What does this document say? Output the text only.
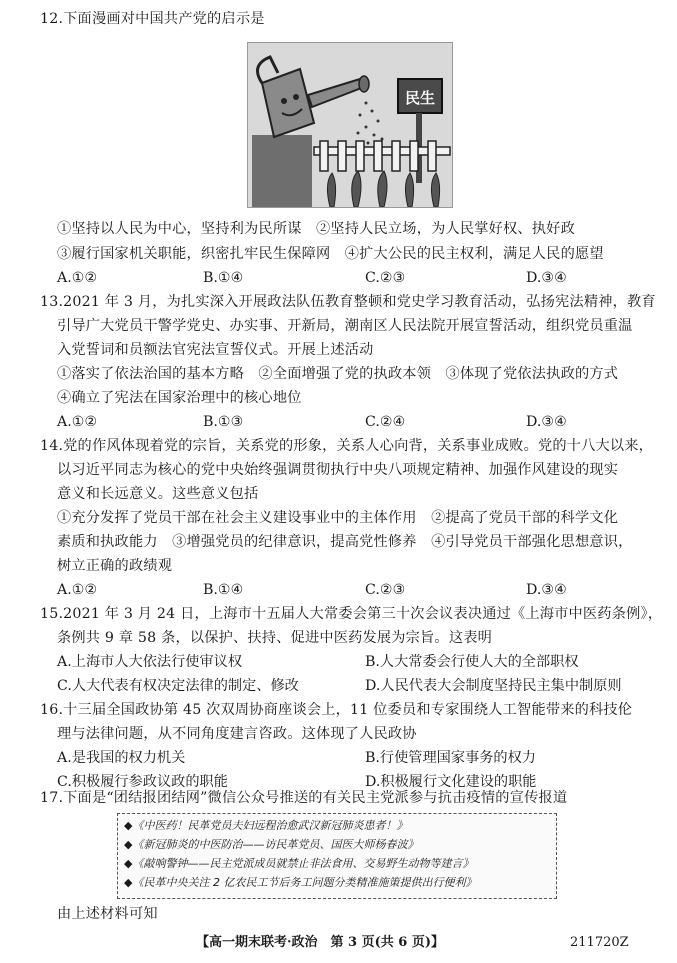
12.下面漫画对中国共产党的启示是
民生
①坚持以人民为中心，坚持利为民所谋　②坚持人民立场，为人民掌好权、执好政
③履行国家机关职能，织密扎牢民生保障网　④扩大公民的民主权利，满足人民的愿望
A.①②	B.①④	C.②③	D.③④
13.2021 年 3 月，为扎实深入开展政法队伍教育整顿和党史学习教育活动，弘扬宪法精神，教育
引导广大党员干警学党史、办实事、开新局，潮南区人民法院开展宣誓活动，组织党员重温
入党誓词和员额法官宪法宣誓仪式。开展上述活动
①落实了依法治国的基本方略　②全面增强了党的执政本领　③体现了党依法执政的方式
④确立了宪法在国家治理中的核心地位
A.①②	B.①③	C.②④	D.③④
14.党的作风体现着党的宗旨，关系党的形象，关系人心向背，关系事业成败。党的十八大以来，
以习近平同志为核心的党中央始终强调贯彻执行中央八项规定精神、加强作风建设的现实
意义和长远意义。这些意义包括
①充分发挥了党员干部在社会主义建设事业中的主体作用　②提高了党员干部的科学文化
素质和执政能力　③增强党员的纪律意识，提高党性修养　④引导党员干部强化思想意识，
树立正确的政绩观
A.①②	B.①④	C.②③	D.③④
15.2021 年 3 月 24 日，上海市十五届人大常委会第三十次会议表决通过《上海市中医药条例》，
条例共 9 章 58 条，以保护、扶持、促进中医药发展为宗旨。这表明
A.上海市人大依法行使审议权	B.人大常委会行使人大的全部职权
C.人大代表有权决定法律的制定、修改	D.人民代表大会制度坚持民主集中制原则
16.十三届全国政协第 45 次双周协商座谈会上，11 位委员和专家围绕人工智能带来的科技伦
理与法律问题，从不同角度建言咨政。这体现了人民政协
A.是我国的权力机关	B.行使管理国家事务的权力
C.积极履行参政议政的职能	D.积极履行文化建设的职能
17.下面是“团结报团结网”微信公众号推送的有关民主党派参与抗击疫情的宣传报道
◆《中医药！民革党员夫妇远程治愈武汉新冠肺炎患者！》
◆《新冠肺炎的中医防治——访民革党员、国医大师杨春波》
◆《敲响警钟——民主党派成员就禁止非法食用、交易野生动物等建言》
◆《民革中央关注 2 亿农民工节后务工问题分类精准施策提供出行便利》
由上述材料可知
【高一期末联考·政治　第 3 页(共 6 页)】	211720Z
